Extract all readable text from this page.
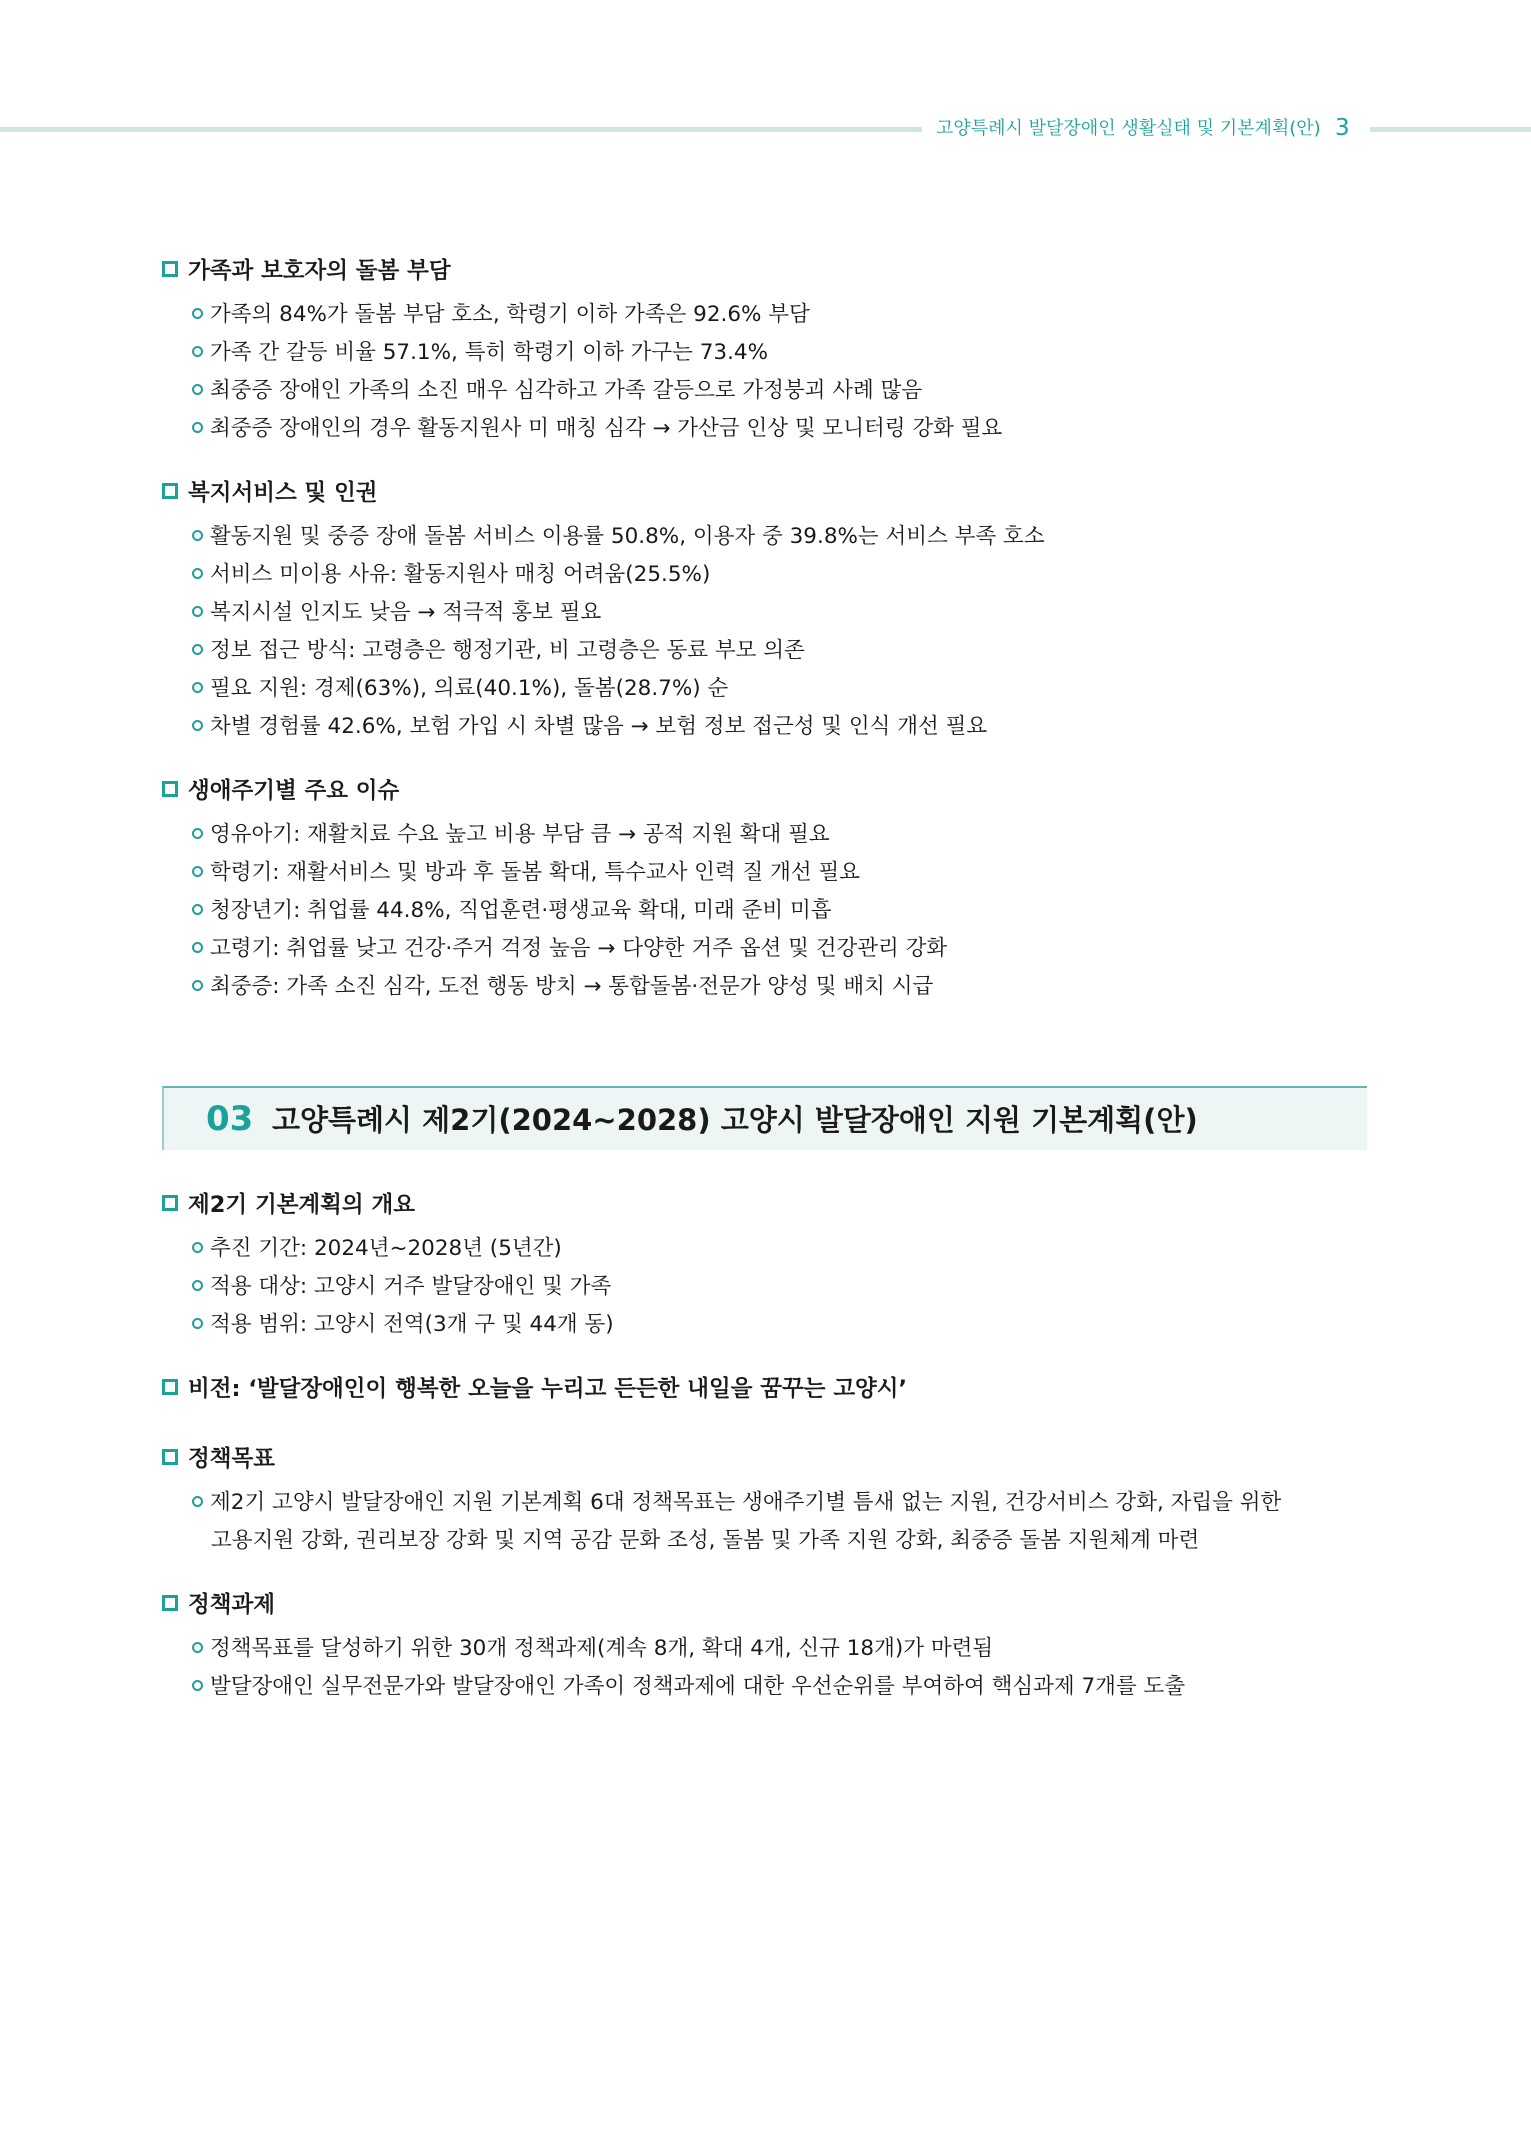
고양특례시 발달장애인 생활실태 및 기본계획(안) 3
가족과 보호자의 돌봄 부담
가족의 84%가 돌봄 부담 호소, 학령기 이하 가족은 92.6% 부담
가족 간 갈등 비율 57.1%, 특히 학령기 이하 가구는 73.4%
최중증 장애인 가족의 소진 매우 심각하고 가족 갈등으로 가정붕괴 사례 많음
최중증 장애인의 경우 활동지원사 미 매칭 심각 → 가산금 인상 및 모니터링 강화 필요
복지서비스 및 인권
활동지원 및 중증 장애 돌봄 서비스 이용률 50.8%, 이용자 중 39.8%는 서비스 부족 호소
서비스 미이용 사유: 활동지원사 매칭 어려움(25.5%)
복지시설 인지도 낮음 → 적극적 홍보 필요
정보 접근 방식: 고령층은 행정기관, 비 고령층은 동료 부모 의존
필요 지원: 경제(63%), 의료(40.1%), 돌봄(28.7%) 순
차별 경험률 42.6%, 보험 가입 시 차별 많음 → 보험 정보 접근성 및 인식 개선 필요
생애주기별 주요 이슈
영유아기: 재활치료 수요 높고 비용 부담 큼 → 공적 지원 확대 필요
학령기: 재활서비스 및 방과 후 돌봄 확대, 특수교사 인력 질 개선 필요
청장년기: 취업률 44.8%, 직업훈련·평생교육 확대, 미래 준비 미흡
고령기: 취업률 낮고 건강·주거 걱정 높음 → 다양한 거주 옵션 및 건강관리 강화
최중증: 가족 소진 심각, 도전 행동 방치 → 통합돌봄·전문가 양성 및 배치 시급
03 고양특례시 제2기(2024~2028) 고양시 발달장애인 지원 기본계획(안)
제2기 기본계획의 개요
추진 기간: 2024년~2028년 (5년간)
적용 대상: 고양시 거주 발달장애인 및 가족
적용 범위: 고양시 전역(3개 구 및 44개 동)
비전: ‘발달장애인이 행복한 오늘을 누리고 든든한 내일을 꿈꾸는 고양시’
정책목표
제2기 고양시 발달장애인 지원 기본계획 6대 정책목표는 생애주기별 틈새 없는 지원, 건강서비스 강화, 자립을 위한
고용지원 강화, 권리보장 강화 및 지역 공감 문화 조성, 돌봄 및 가족 지원 강화, 최중증 돌봄 지원체계 마련
정책과제
정책목표를 달성하기 위한 30개 정책과제(계속 8개, 확대 4개, 신규 18개)가 마련됨
발달장애인 실무전문가와 발달장애인 가족이 정책과제에 대한 우선순위를 부여하여 핵심과제 7개를 도출
